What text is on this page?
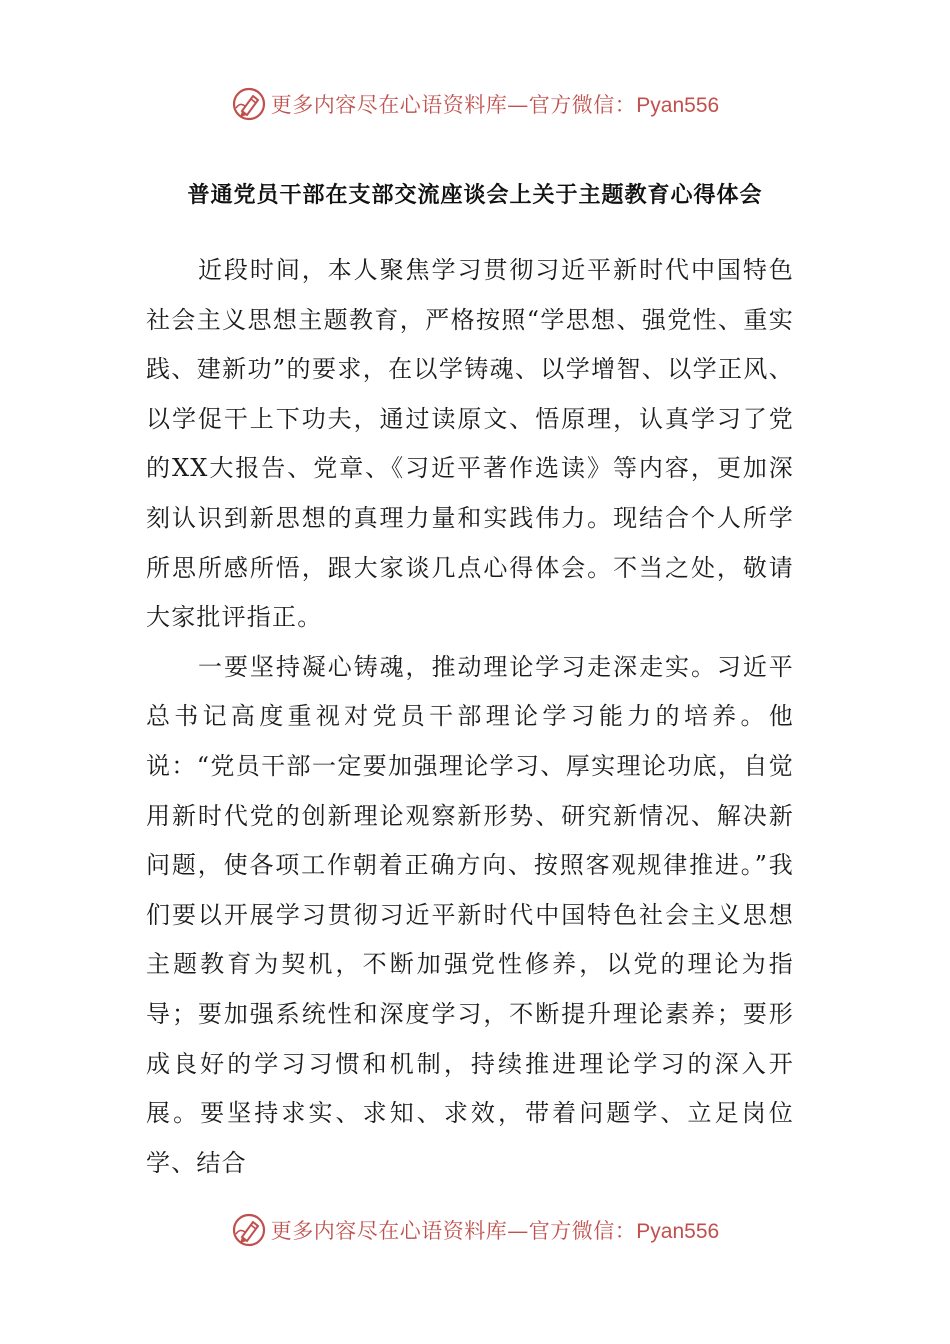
更多内容尽在心语资料库—官方微信：Pyan556
普通党员干部在支部交流座谈会上关于主题教育心得体会

近段时间，本人聚焦学习贯彻习近平新时代中国特色社会主义思想主题教育，严格按照“学思想、强党性、重实践、建新功”的要求，在以学铸魂、以学增智、以学正风、以学促干上下功夫，通过读原文、悟原理，认真学习了党的XX大报告、党章、《习近平著作选读》等内容，更加深刻认识到新思想的真理力量和实践伟力。现结合个人所学所思所感所悟，跟大家谈几点心得体会。不当之处，敬请大家批评指正。

一要坚持凝心铸魂，推动理论学习走深走实。习近平总书记高度重视对党员干部理论学习能力的培养。他说：“党员干部一定要加强理论学习、厚实理论功底，自觉用新时代党的创新理论观察新形势、研究新情况、解决新问题，使各项工作朝着正确方向、按照客观规律推进。”我们要以开展学习贯彻习近平新时代中国特色社会主义思想主题教育为契机，不断加强党性修养，以党的理论为指导；要加强系统性和深度学习，不断提升理论素养；要形成良好的学习习惯和机制，持续推进理论学习的深入开展。要坚持求实、求知、求效，带着问题学、立足岗位学、结合

更多内容尽在心语资料库—官方微信：Pyan556
